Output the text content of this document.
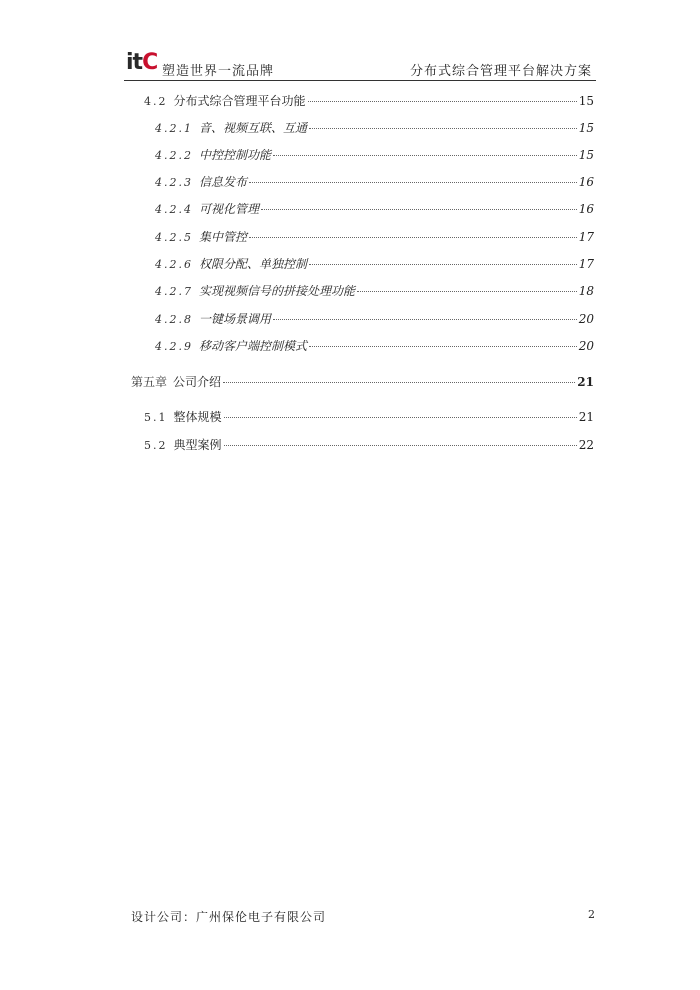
itC 塑造世界一流品牌	分布式综合管理平台解决方案
4.2 分布式综合管理平台功能	15
4.2.1 音、视频互联、互通	15
4.2.2 中控控制功能	15
4.2.3 信息发布	16
4.2.4 可视化管理	16
4.2.5 集中管控	17
4.2.6 权限分配、单独控制	17
4.2.7 实现视频信号的拼接处理功能	18
4.2.8 一键场景调用	20
4.2.9 移动客户端控制模式	20
第五章 公司介绍	21
5.1 整体规模	21
5.2 典型案例	22
设计公司：广州保伦电子有限公司	2
